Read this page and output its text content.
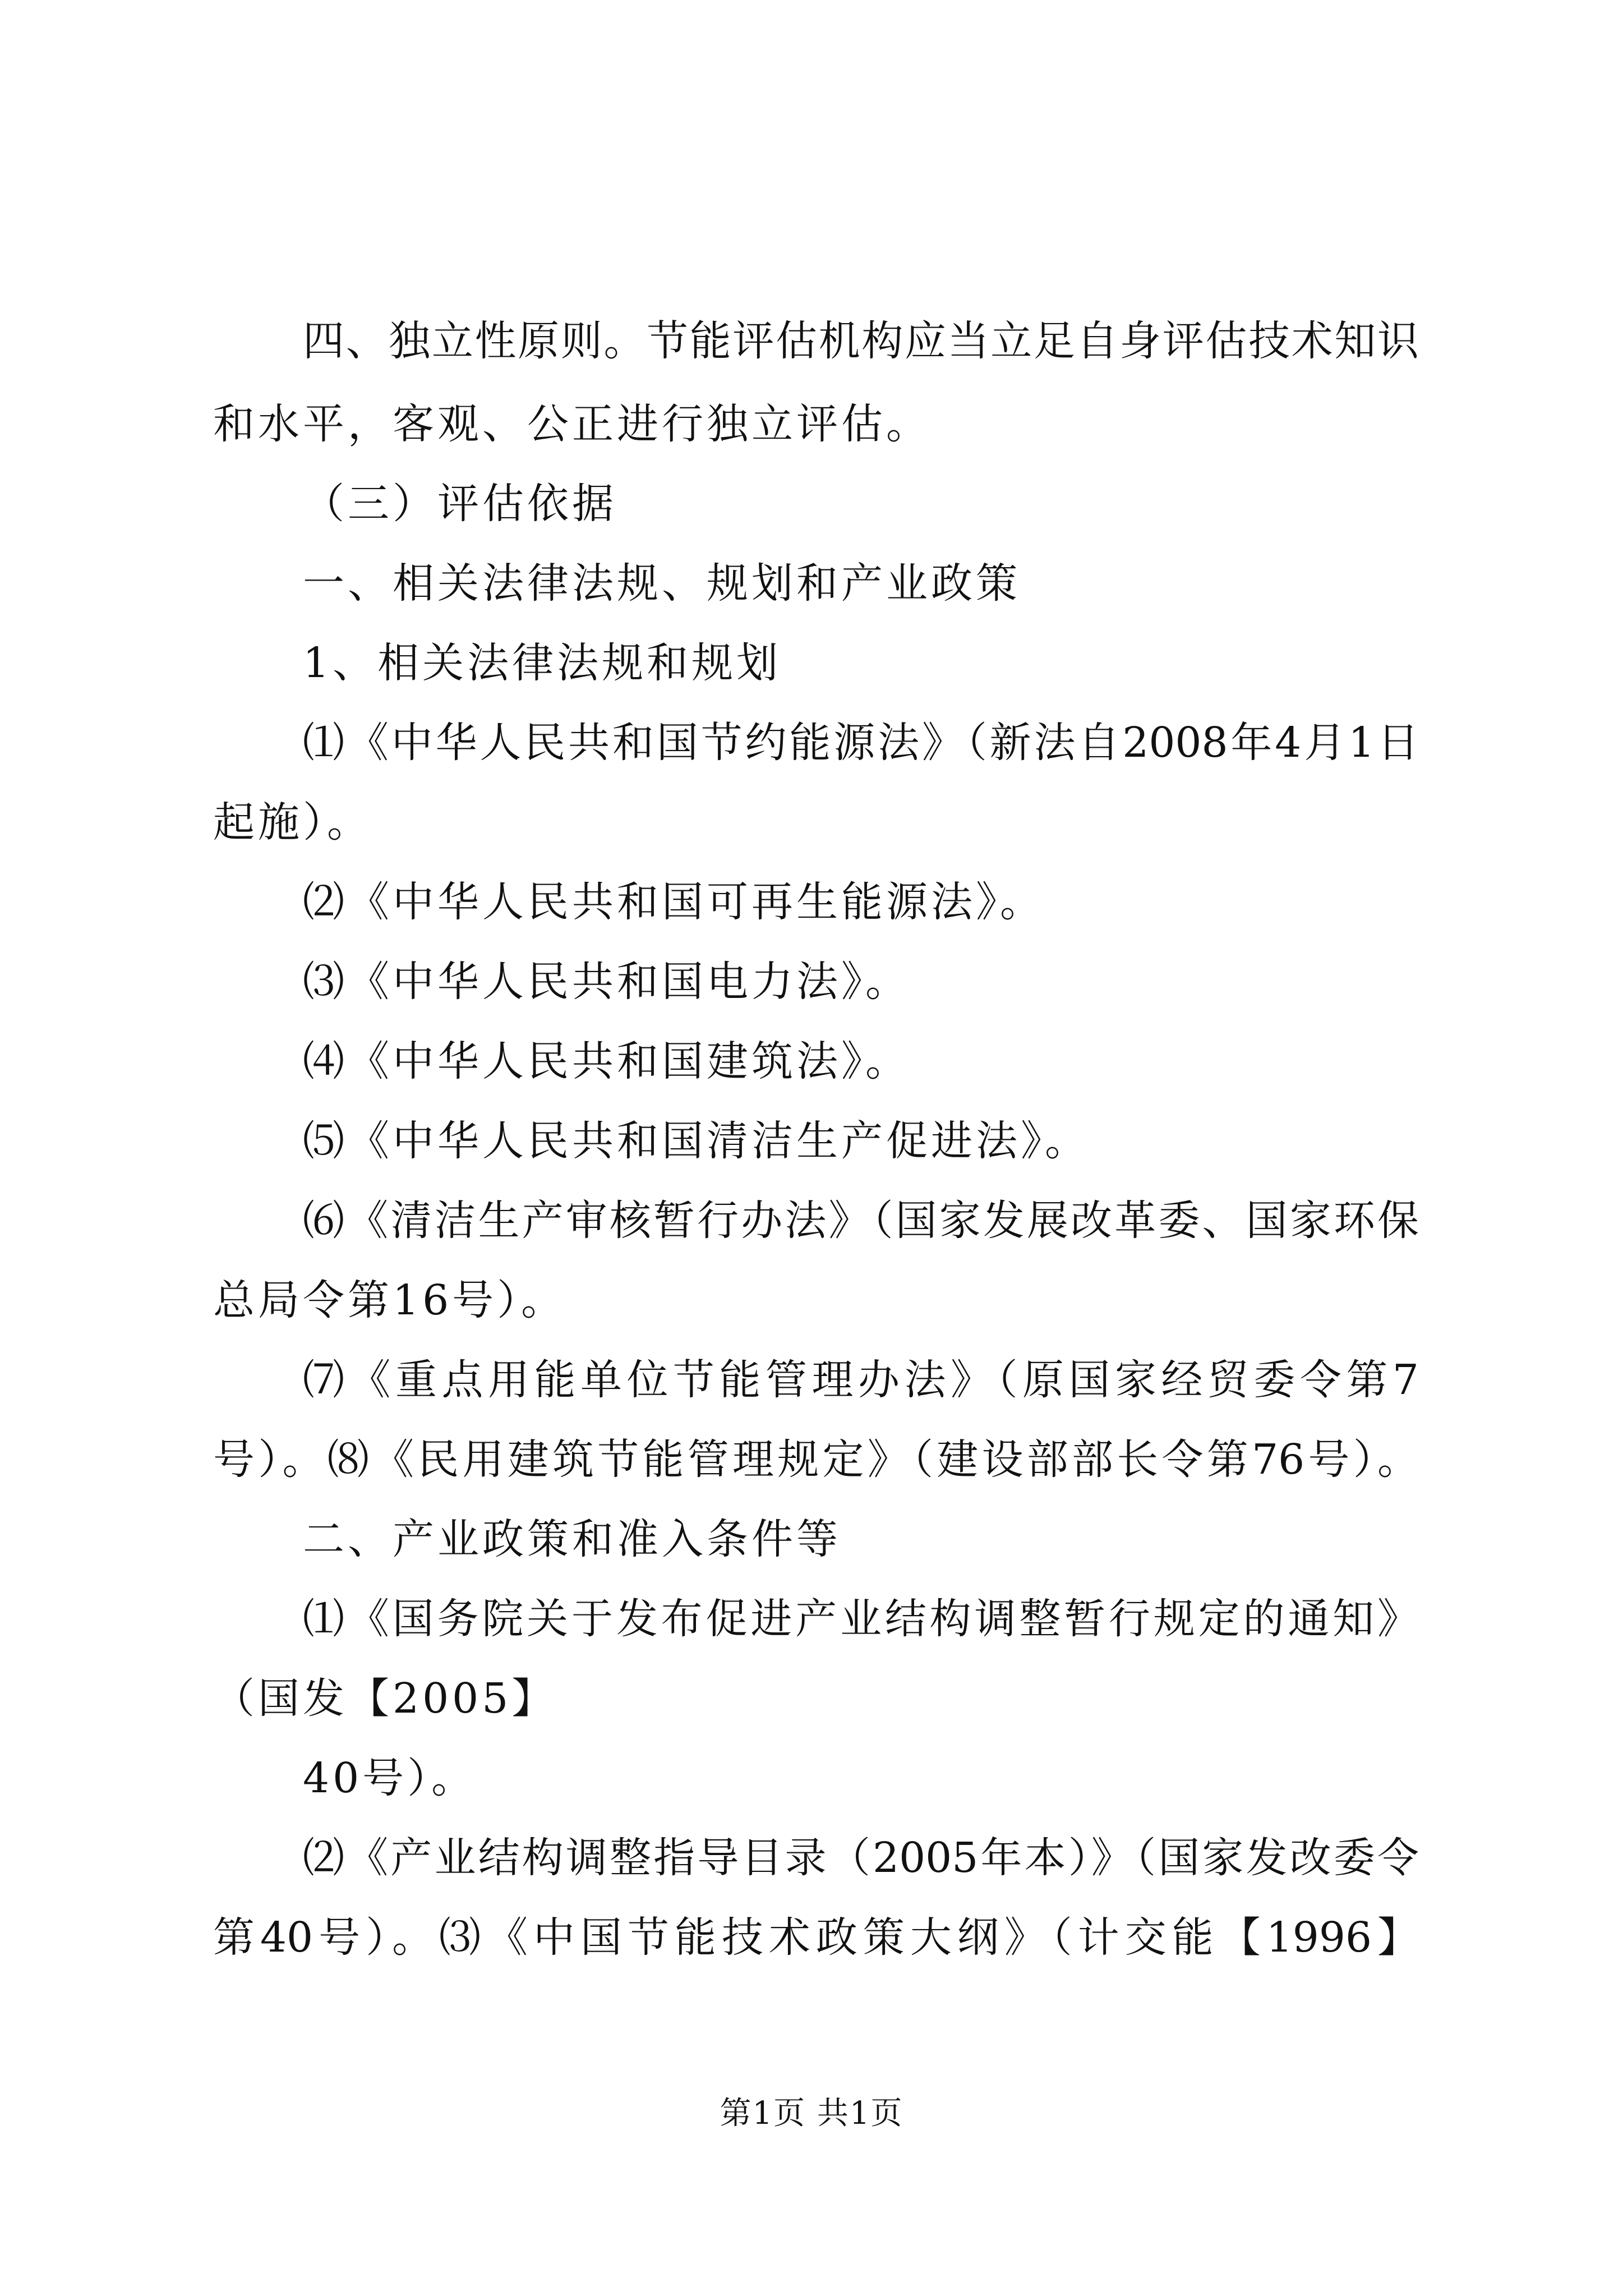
四、独立性原则。节能评估机构应当立足自身评估技术知识
和水平，客观、公正进行独立评估。
（三）评估依据
一、相关法律法规、规划和产业政策
1、相关法律法规和规划
⑴《中华人民共和国节约能源法》（新法自2008年4月1日
起施）。
⑵《中华人民共和国可再生能源法》。
⑶《中华人民共和国电力法》。
⑷《中华人民共和国建筑法》。
⑸《中华人民共和国清洁生产促进法》。
⑹《清洁生产审核暂行办法》（国家发展改革委、国家环保
总局令第16号）。
⑺《重点用能单位节能管理办法》（原国家经贸委令第7
号）。⑻《民用建筑节能管理规定》（建设部部长令第76号）。
二、产业政策和准入条件等
⑴《国务院关于发布促进产业结构调整暂行规定的通知》
（国发【2005】
40号）。
⑵《产业结构调整指导目录（2005年本）》（国家发改委令
第40号）。⑶《中国节能技术政策大纲》（计交能【1996】
第1页 共1页
